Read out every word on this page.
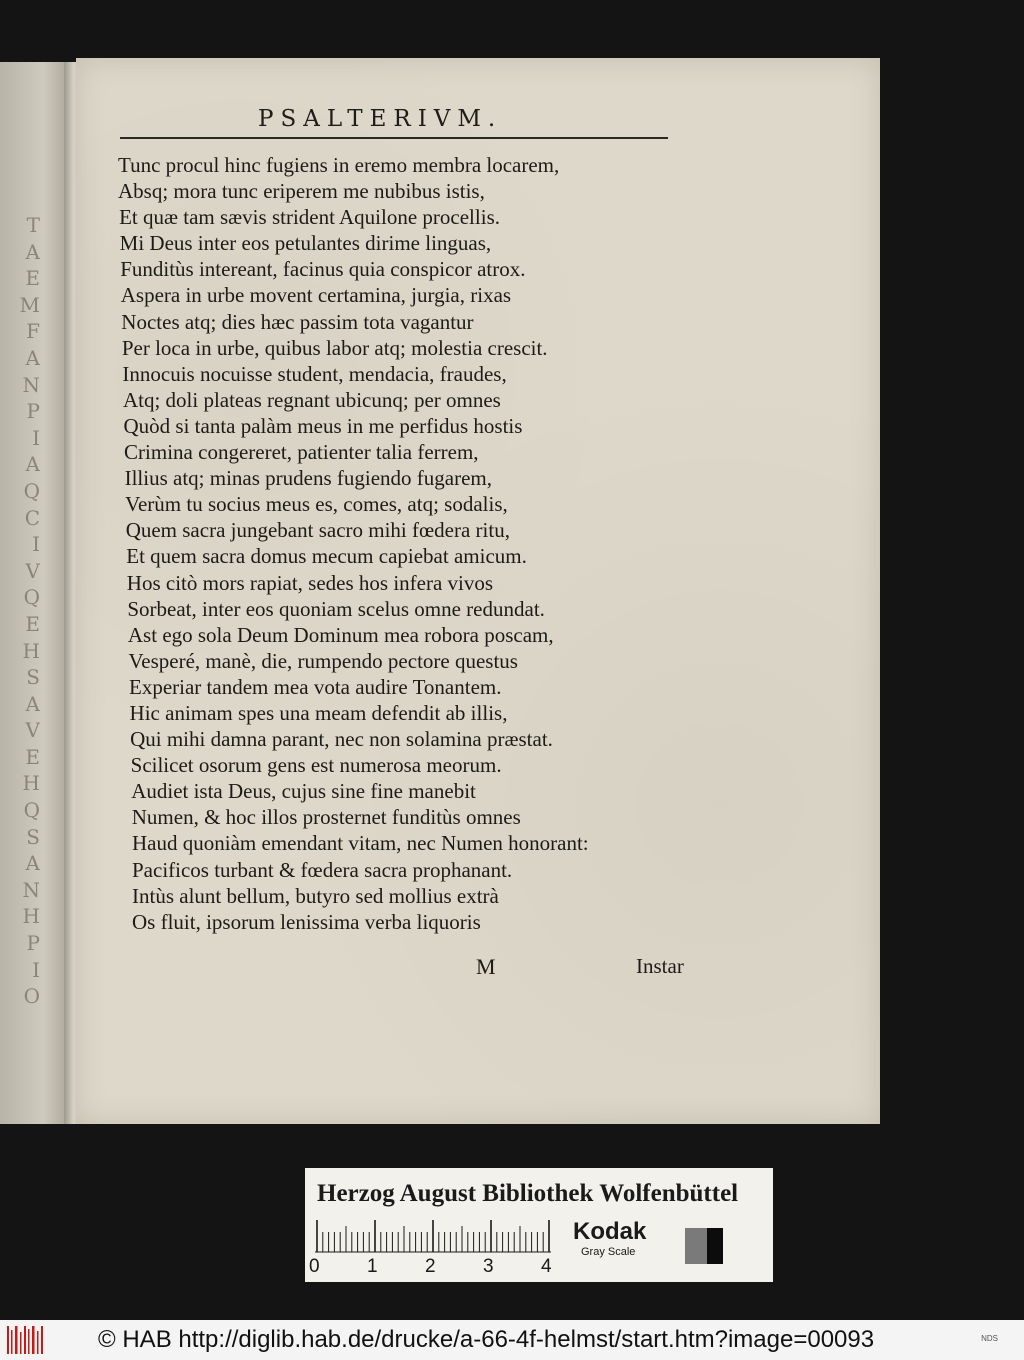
T
A
E
M
F
A
N
P
I
A
Q
C
I
V
Q
E
H
S
A
V
E
H
Q
S
A
N
H
P
I
O
PSALTERIVM.
Tunc procul hinc fugiens in eremo membra locarem,
Absq; mora tunc eriperem me nubibus istis,
Et quæ tam sævis strident Aquilone procellis.
Mi Deus inter eos petulantes dirime linguas,
Funditùs intereant, facinus quia conspicor atrox.
Aspera in urbe movent certamina, jurgia, rixas
Noctes atq; dies hæc passim tota vagantur
Per loca in urbe, quibus labor atq; molestia crescit.
Innocuis nocuisse student, mendacia, fraudes,
Atq; doli plateas regnant ubicunq; per omnes
Quòd si tanta palàm meus in me perfidus hostis
Crimina congereret, patienter talia ferrem,
Illius atq; minas prudens fugiendo fugarem,
Verùm tu socius meus es, comes, atq; sodalis,
Quem sacra jungebant sacro mihi fœdera ritu,
Et quem sacra domus mecum capiebat amicum.
Hos citò mors rapiat, sedes hos infera vivos
Sorbeat, inter eos quoniam scelus omne redundat.
Ast ego sola Deum Dominum mea robora poscam,
Vesperé, manè, die, rumpendo pectore questus
Experiar tandem mea vota audire Tonantem.
Hic animam spes una meam defendit ab illis,
Qui mihi damna parant, nec non solamina præstat.
Scilicet osorum gens est numerosa meorum.
Audiet ista Deus, cujus sine fine manebit
Numen, & hoc illos prosternet funditùs omnes
Haud quoniàm emendant vitam, nec Numen honorant:
Pacificos turbant & fœdera sacra prophanant.
Intùs alunt bellum, butyro sed mollius extrà
Os fluit, ipsorum lenissima verba liquoris
M	Instar
Herzog August Bibliothek Wolfenbüttel
0 1 2 3 4
Kodak
Gray Scale
© HAB http://diglib.hab.de/drucke/a-66-4f-helmst/start.htm?image=00093	NDS
